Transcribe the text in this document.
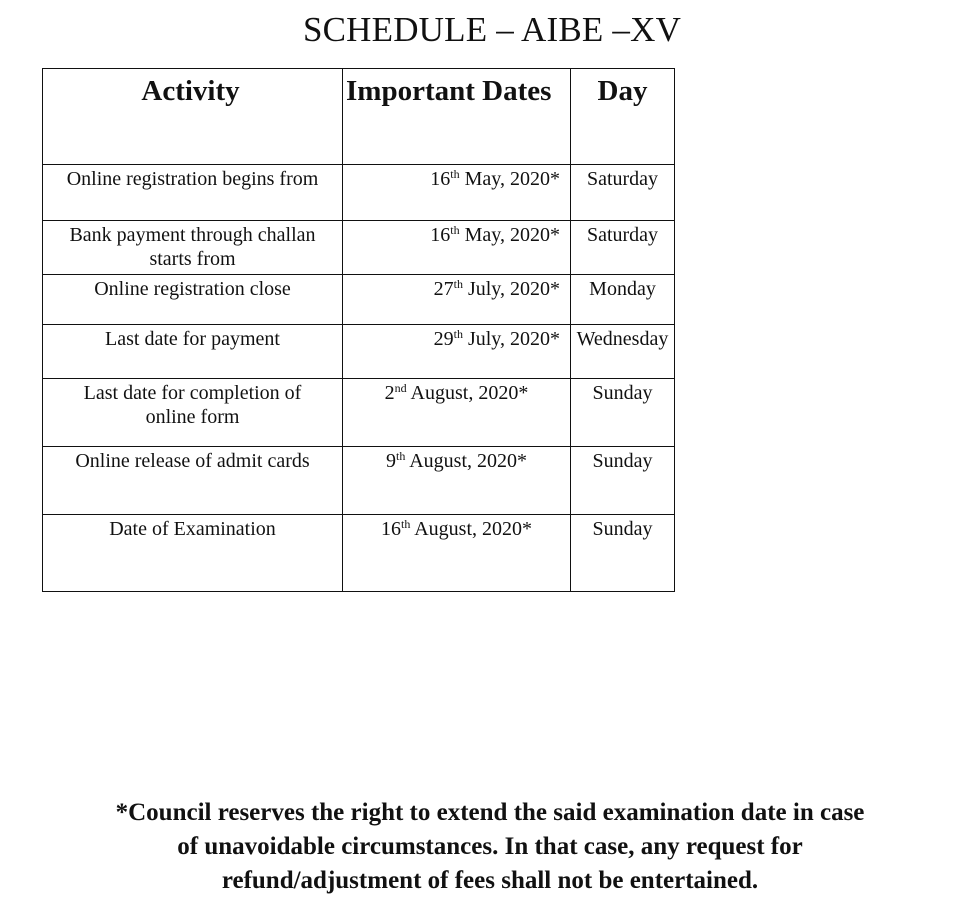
SCHEDULE – AIBE –XV
Activity	Important Dates	Day
Online registration begins from	16th May, 2020*	Saturday
Bank payment through challan starts from	16th May, 2020*	Saturday
Online registration close	27th July, 2020*	Monday
Last date for payment	29th July, 2020*	Wednesday
Last date for completion of online form	2nd August, 2020*	Sunday
Online release of admit cards	9th August, 2020*	Sunday
Date of Examination	16th August, 2020*	Sunday
*Council reserves the right to extend the said examination date in case
of unavoidable circumstances. In that case, any request for
refund/adjustment of fees shall not be entertained.
